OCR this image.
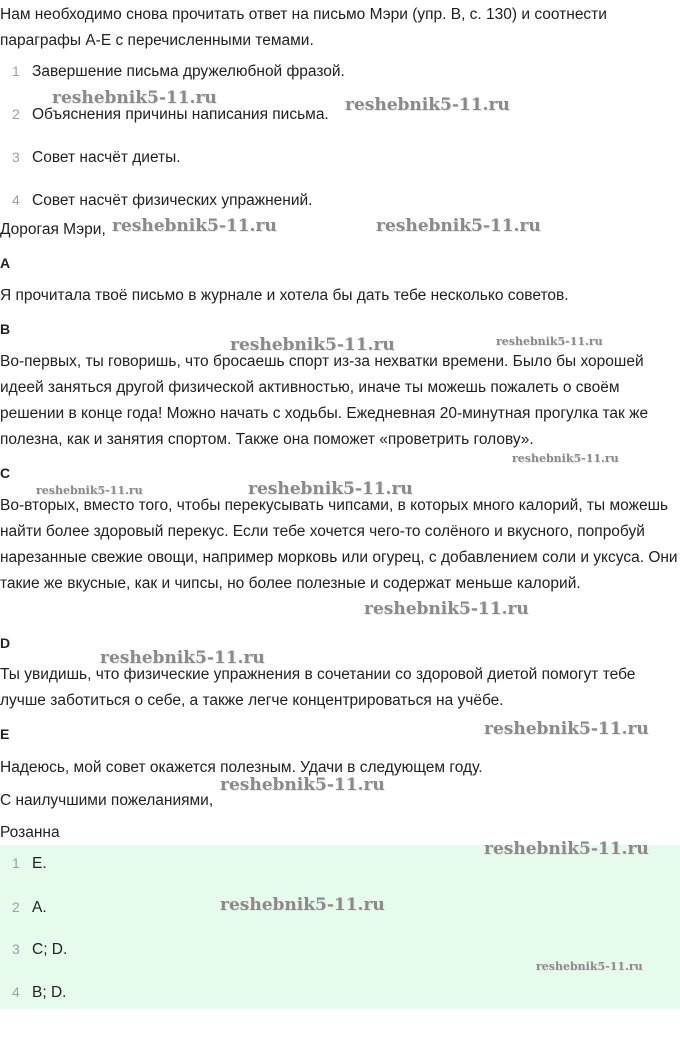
Нам необходимо снова прочитать ответ на письмо Мэри (упр. B, с. 130) и соотнести параграфы A-E с перечисленными темами.

1 Завершение письма дружелюбной фразой.
2 Объяснения причины написания письма.
3 Совет насчёт диеты.
4 Совет насчёт физических упражнений.

Дорогая Мэри,

A

Я прочитала твоё письмо в журнале и хотела бы дать тебе несколько советов.

B

Во-первых, ты говоришь, что бросаешь спорт из-за нехватки времени. Было бы хорошей идеей заняться другой физической активностью, иначе ты можешь пожалеть о своём решении в конце года! Можно начать с ходьбы. Ежедневная 20-минутная прогулка так же полезна, как и занятия спортом. Также она поможет «проветрить голову».

C

Во-вторых, вместо того, чтобы перекусывать чипсами, в которых много калорий, ты можешь найти более здоровый перекус. Если тебе хочется чего-то солёного и вкусного, попробуй нарезанные свежие овощи, например морковь или огурец, с добавлением соли и уксуса. Они такие же вкусные, как и чипсы, но более полезные и содержат меньше калорий.

D

Ты увидишь, что физические упражнения в сочетании со здоровой диетой помогут тебе лучше заботиться о себе, а также легче концентрироваться на учёбе.

E

Надеюсь, мой совет окажется полезным. Удачи в следующем году.

С наилучшими пожеланиями,

Розанна

1 E.
2 A.
3 C; D.
4 B; D.
reshebnik5-11.ru	reshebnik5-11.ru
reshebnik5-11.ru	reshebnik5-11.ru
reshebnik5-11.ru	reshebnik5-11.ru
reshebnik5-11.ru
reshebnik5-11.ru	reshebnik5-11.ru
reshebnik5-11.ru
reshebnik5-11.ru
reshebnik5-11.ru
reshebnik5-11.ru
reshebnik5-11.ru
reshebnik5-11.ru
reshebnik5-11.ru
